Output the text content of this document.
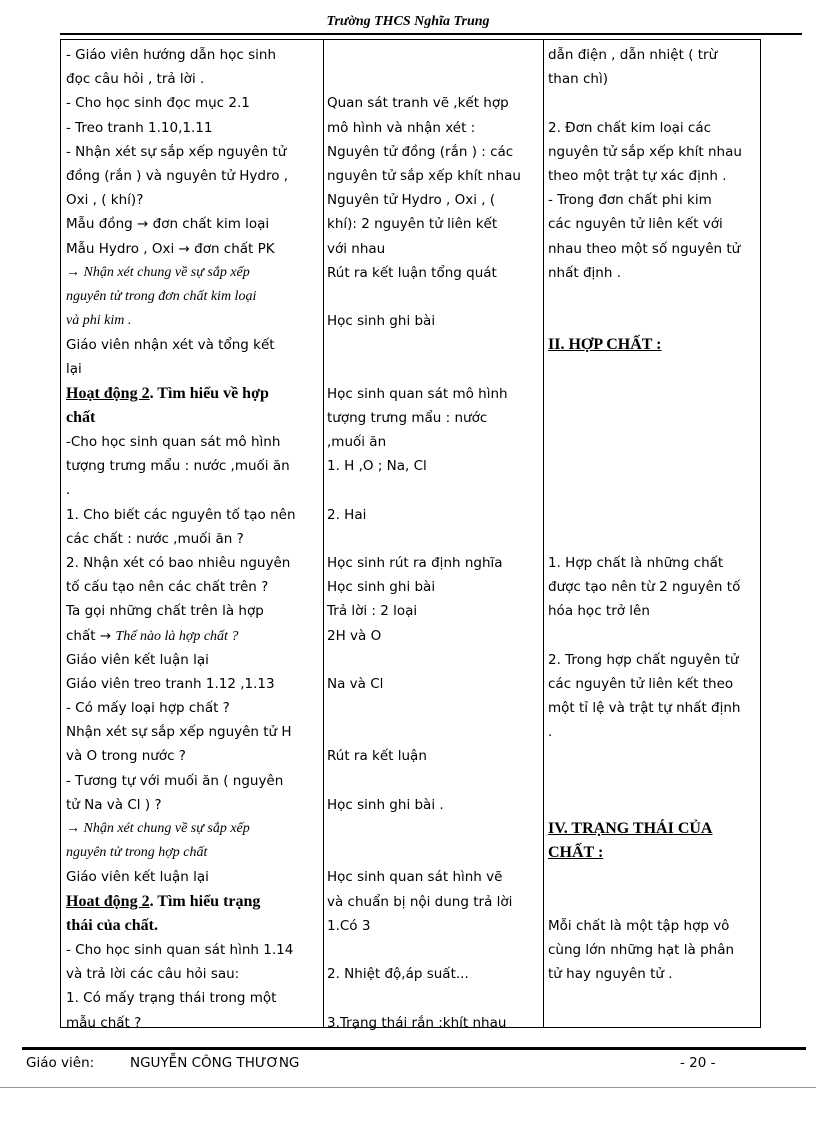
Trường THCS Nghĩa Trung
- Giáo viên hướng dẫn học sinh
đọc câu hỏi , trả lời .
- Cho học sinh đọc mục 2.1
- Treo tranh 1.10,1.11
- Nhận xét sự sắp xếp nguyên tử
đồng (rắn ) và nguyên tử Hydro ,
Oxi , ( khí)?
Mẫu đồng → đơn chất kim loại
Mẫu Hydro , Oxi → đơn chất PK
→ Nhận xét chung về sự sắp xếp
nguyên tử trong đơn chất kim loại
và phi kim .
Giáo viên nhận xét và tổng kết
lại
Hoạt động 2. Tìm hiểu về hợp
chất
-Cho học sinh quan sát mô hình
tượng trưng mẩu : nước ,muối ăn
.
1. Cho biết các nguyên tố tạo nên
các chất : nước ,muối ăn ?
2. Nhận xét có bao nhiêu nguyên
tố cấu tạo nên các chất trên ?
Ta gọi những chất trên là hợp
chất → Thế nào là hợp chất ?
Giáo viên kết luận lại
Giáo viên treo tranh 1.12 ,1.13
- Có mấy loại hợp chất ?
Nhận xét sự sắp xếp nguyên tử H
và O trong nước ?
- Tương tự với muối ăn ( nguyên
tử Na và Cl ) ?
→ Nhận xét chung về sự sắp xếp
nguyên tử trong hợp chất
Giáo viên kết luận lại
Hoat động 2. Tìm hiểu trạng
thái của chất.
- Cho học sinh quan sát hình 1.14
và trả lời các câu hỏi sau:
1. Có mấy trạng thái trong một
mẫu chất ?
Quan sát tranh vẽ ,kết hợp
mô hình và nhận xét :
Nguyên tử đồng (rắn ) : các
nguyên tử sắp xếp khít nhau
Nguyên tử Hydro , Oxi , (
khí): 2 nguyên tử liên kết
với nhau
Rút ra kết luận tổng quát
Học sinh ghi bài
Học sinh quan sát mô hình
tượng trưng mẩu : nước
,muối ăn
1. H ,O ; Na, Cl
2. Hai
Học sinh rút ra định nghĩa
Học sinh ghi bài
Trả lời : 2 loại
2H và O
Na và Cl
Rút ra kết luận
Học sinh ghi bài .
Học sinh quan sát hình vẽ
và chuẩn bị nội dung trả lời
1.Có 3
2. Nhiệt độ,áp suất...
3.Trạng thái rắn :khít nhau
dẫn điện , dẫn nhiệt ( trừ
than chì)
2. Đơn chất kim loại các
nguyên tử sắp xếp khít nhau
theo một trật tự xác định .
- Trong đơn chất phi kim
các nguyên tử liên kết với
nhau theo một số nguyên tử
nhất định .
II. HỢP CHẤT :
1. Hợp chất là những chất
được tạo nên từ 2 nguyên tố
hóa học trở lên
2. Trong hợp chất nguyên tử
các nguyên tử liên kết theo
một tỉ lệ và trật tự nhất định
.
IV. TRẠNG THÁI CỦA
CHẤT :
Mỗi chất là một tập hợp vô
cùng lớn những hạt là phân
tử hay nguyên tử .
Giáo viên:	NGUYỄN CÔNG THƯƠNG	- 20 -
